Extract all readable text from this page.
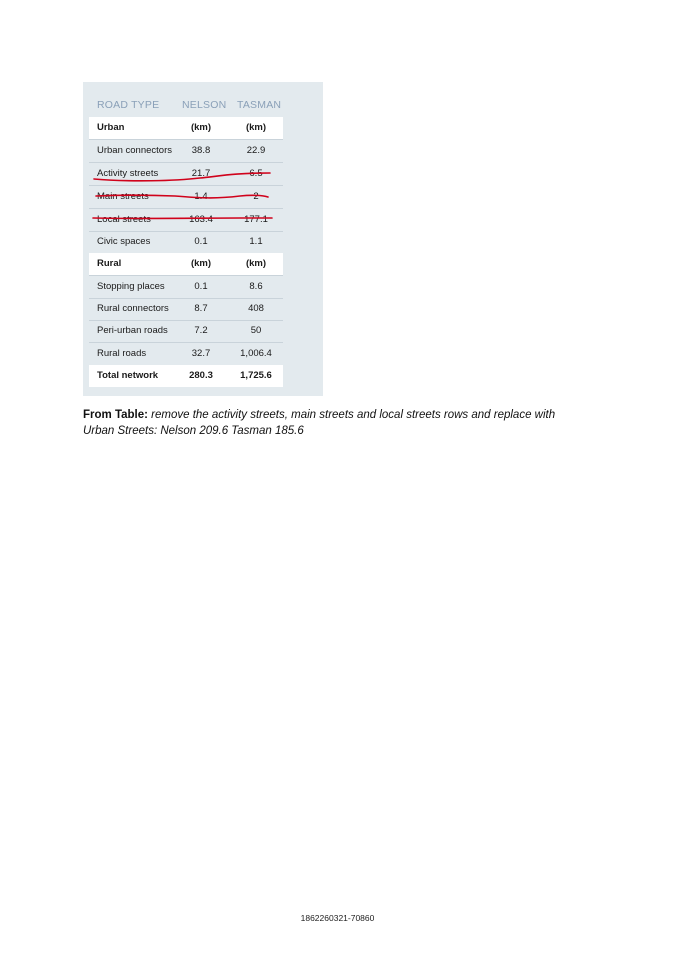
ROAD TYPE NELSON TASMAN
Urban	(km)	(km)
Urban connectors	38.8	22.9
Activity streets	21.7	6.5
Main streets	1.4	2
Local streets	163.4	177.1
Civic spaces	0.1	1.1
Rural	(km)	(km)
Stopping places	0.1	8.6
Rural connectors	8.7	408
Peri-urban roads	7.2	50
Rural roads	32.7	1,006.4
Total network	280.3	1,725.6
From Table: remove the activity streets, main streets and local streets rows and replace with
Urban Streets: Nelson 209.6 Tasman 185.6
1862260321-70860
